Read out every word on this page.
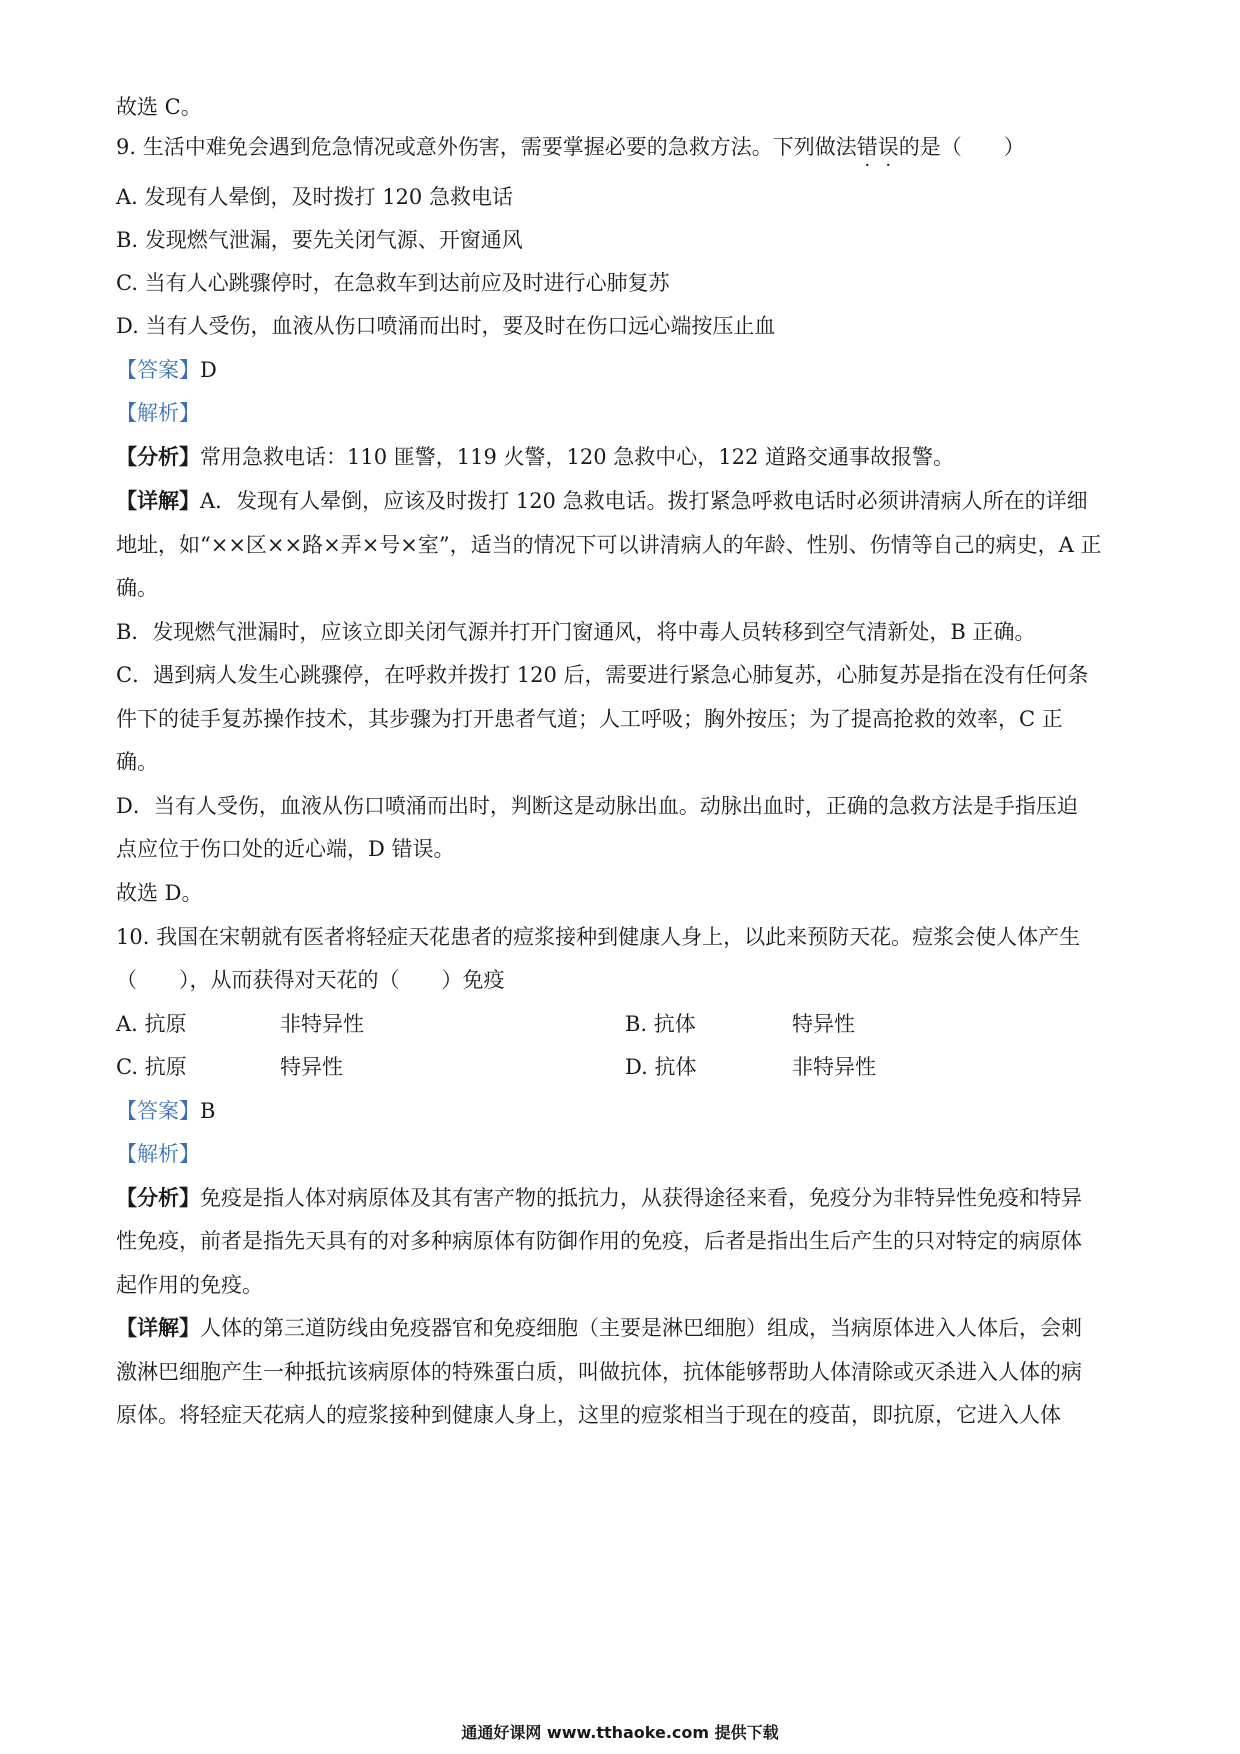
故选 C。
9. 生活中难免会遇到危急情况或意外伤害，需要掌握必要的急救方法。下列做法错误的是（　　）
A. 发现有人晕倒，及时拨打 120 急救电话
B. 发现燃气泄漏，要先关闭气源、开窗通风
C. 当有人心跳骤停时，在急救车到达前应及时进行心肺复苏
D. 当有人受伤，血液从伤口喷涌而出时，要及时在伤口远心端按压止血
【答案】D
【解析】
【分析】常用急救电话：110 匪警，119 火警，120 急救中心，122 道路交通事故报警。
【详解】A．发现有人晕倒，应该及时拨打 120 急救电话。拨打紧急呼救电话时必须讲清病人所在的详细
地址，如“××区××路×弄×号×室”，适当的情况下可以讲清病人的年龄、性别、伤情等自己的病史，A 正
确。
B．发现燃气泄漏时，应该立即关闭气源并打开门窗通风，将中毒人员转移到空气清新处，B 正确。
C．遇到病人发生心跳骤停，在呼救并拨打 120 后，需要进行紧急心肺复苏，心肺复苏是指在没有任何条
件下的徒手复苏操作技术，其步骤为打开患者气道；人工呼吸；胸外按压；为了提高抢救的效率，C 正
确。
D．当有人受伤，血液从伤口喷涌而出时，判断这是动脉出血。动脉出血时，正确的急救方法是手指压迫
点应位于伤口处的近心端，D 错误。
故选 D。
10. 我国在宋朝就有医者将轻症天花患者的痘浆接种到健康人身上，以此来预防天花。痘浆会使人体产生
（　　），从而获得对天花的（　　）免疫
A. 抗原	非特异性	B. 抗体	特异性
C. 抗原	特异性	D. 抗体	非特异性
【答案】B
【解析】
【分析】免疫是指人体对病原体及其有害产物的抵抗力，从获得途径来看，免疫分为非特异性免疫和特异
性免疫，前者是指先天具有的对多种病原体有防御作用的免疫，后者是指出生后产生的只对特定的病原体
起作用的免疫。
【详解】人体的第三道防线由免疫器官和免疫细胞（主要是淋巴细胞）组成，当病原体进入人体后，会刺
激淋巴细胞产生一种抵抗该病原体的特殊蛋白质，叫做抗体，抗体能够帮助人体清除或灭杀进入人体的病
原体。将轻症天花病人的痘浆接种到健康人身上，这里的痘浆相当于现在的疫苗，即抗原，它进入人体
通通好课网 www.tthaoke.com 提供下载
